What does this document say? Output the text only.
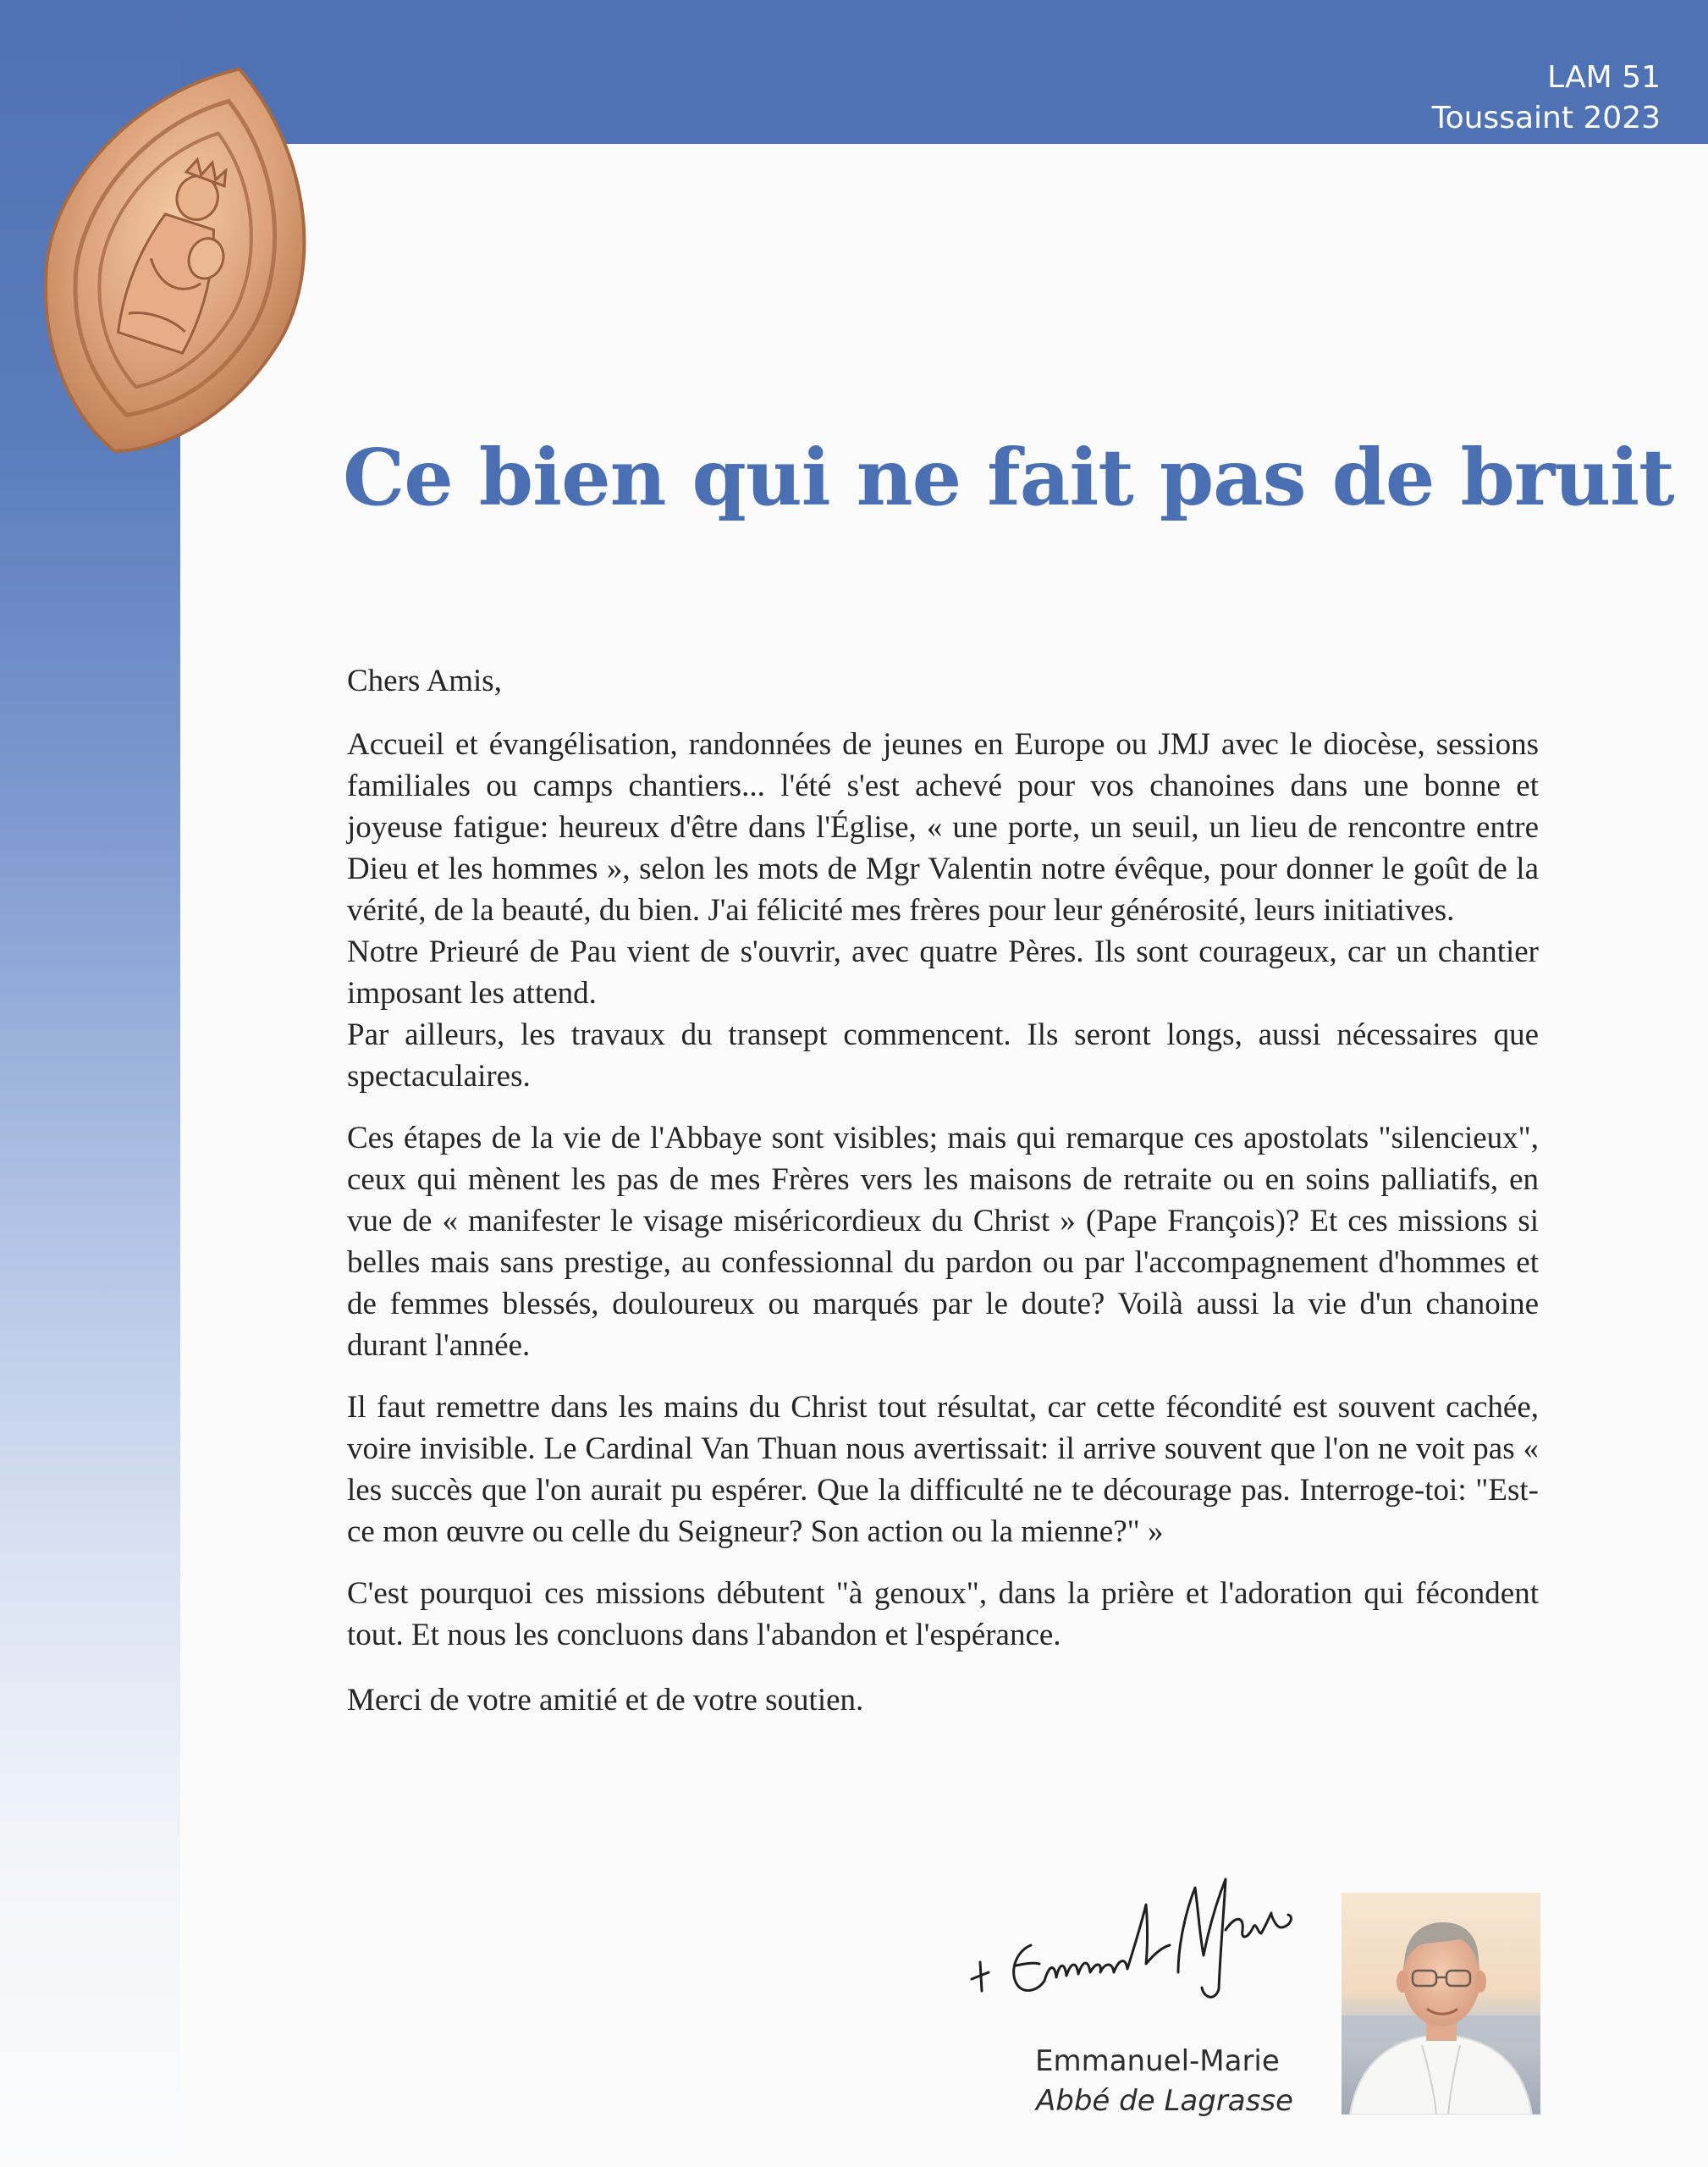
LAM 51
Toussaint 2023
Ce bien qui ne fait pas de bruit

Chers Amis,

Accueil et évangélisation, randonnées de jeunes en Europe ou JMJ avec le diocèse, sessions familiales ou camps chantiers... l'été s'est achevé pour vos chanoines dans une bonne et joyeuse fatigue: heureux d'être dans l'Église, « une porte, un seuil, un lieu de rencontre entre Dieu et les hommes », selon les mots de Mgr Valentin notre évêque, pour donner le goût de la vérité, de la beauté, du bien. J'ai félicité mes frères pour leur générosité, leurs initiatives.

Notre Prieuré de Pau vient de s'ouvrir, avec quatre Pères. Ils sont courageux, car un chantier imposant les attend.

Par ailleurs, les travaux du transept commencent. Ils seront longs, aussi nécessaires que spectaculaires.

Ces étapes de la vie de l'Abbaye sont visibles; mais qui remarque ces apostolats "silencieux", ceux qui mènent les pas de mes Frères vers les maisons de retraite ou en soins palliatifs, en vue de « manifester le visage miséricordieux du Christ » (Pape François)? Et ces missions si belles mais sans prestige, au confessionnal du pardon ou par l'accompagnement d'hommes et de femmes blessés, douloureux ou marqués par le doute? Voilà aussi la vie d'un chanoine durant l'année.

Il faut remettre dans les mains du Christ tout résultat, car cette fécondité est souvent cachée, voire invisible. Le Cardinal Van Thuan nous avertissait: il arrive souvent que l'on ne voit pas « les succès que l'on aurait pu espérer. Que la difficulté ne te décourage pas. Interroge-toi: "Est-ce mon œuvre ou celle du Seigneur? Son action ou la mienne?" »

C'est pourquoi ces missions débutent "à genoux", dans la prière et l'adoration qui fécondent tout. Et nous les concluons dans l'abandon et l'espérance.

Merci de votre amitié et de votre soutien.

Emmanuel-Marie
Abbé de Lagrasse
